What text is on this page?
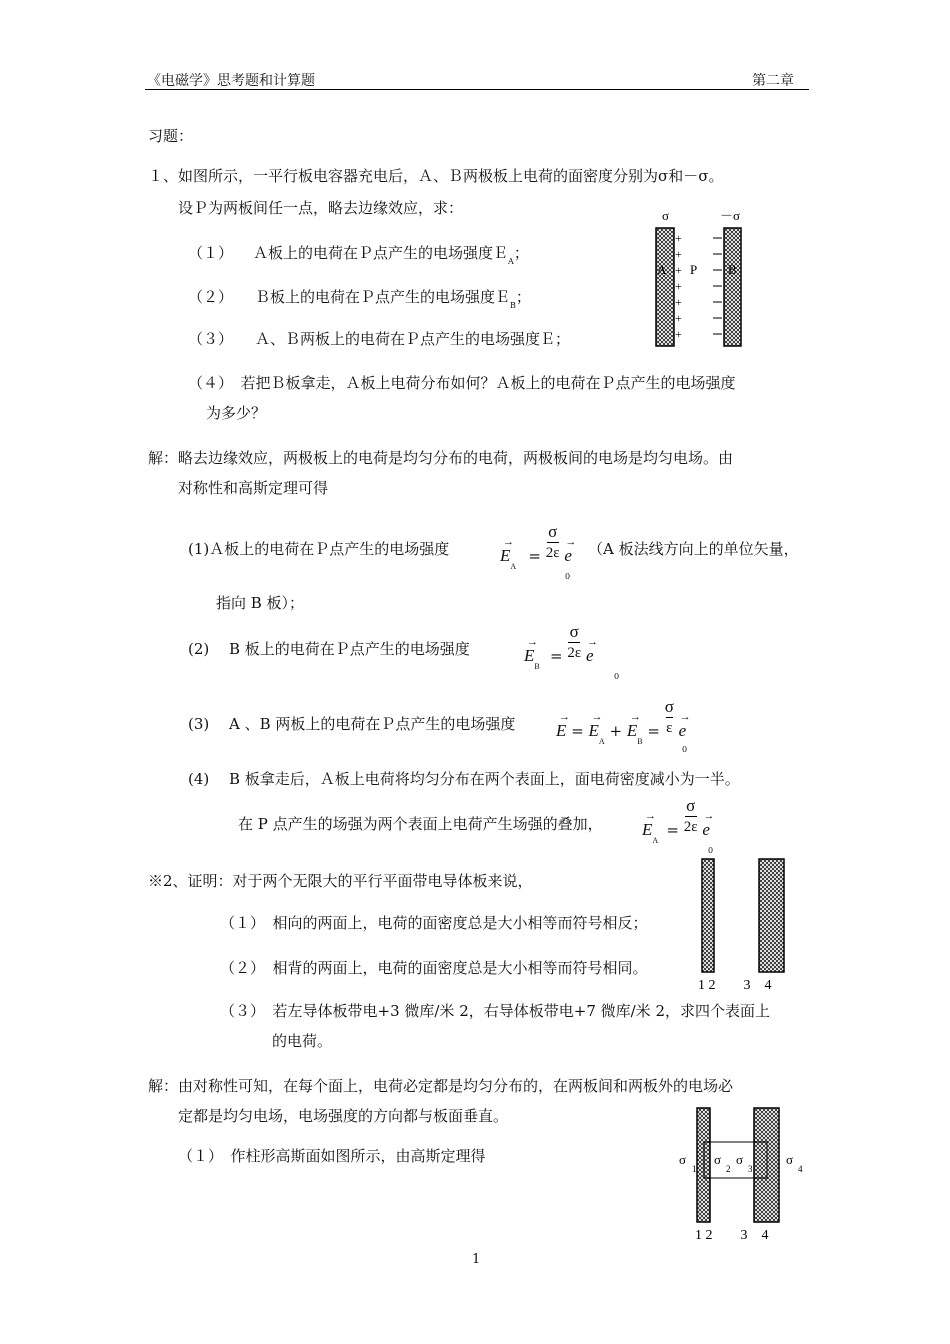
《电磁学》思考题和计算题	第二章
习题：
１、如图所示，一平行板电容器充电后，Ａ、Ｂ两极板上电荷的面密度分别为σ和－σ。
设Ｐ为两板间任一点，略去边缘效应，求：
（１） Ａ板上的电荷在Ｐ点产生的电场强度Ｅ$_A$；
（２） Ｂ板上的电荷在Ｐ点产生的电场强度Ｅ$_B$；
（３） Ａ、Ｂ两板上的电荷在Ｐ点产生的电场强度Ｅ；
（４）　若把Ｂ板拿走，Ａ板上电荷分布如何？Ａ板上的电荷在Ｐ点产生的电场强度
为多少？
σ	－σ
+
+
+
+
+
+
+
A P B
解：略去边缘效应，两极板上的电荷是均匀分布的电荷，两极板间的电场是均匀电场。由
对称性和高斯定理可得
(1)Ａ板上的电荷在Ｐ点产生的电场强度	→
$E_A = \frac{\sigma}{2\varepsilon}$
→
e
0
（A 板法线方向上的单位矢量，
指向 B 板）；
(2)　 B 板上的电荷在Ｐ点产生的电场强度	→
$E_B = \frac{\sigma}{2\varepsilon}$
→
e
0
(3)　 A 、B 两板上的电荷在Ｐ点产生的电场强度	→
E =
→
$E_A$ +
→
$E_B = \frac{\sigma}{\varepsilon}$
→
e
0
(4)　 B 板拿走后，Ａ板上电荷将均匀分布在两个表面上，面电荷密度减小为一半。
在 P 点产生的场强为两个表面上电荷产生场强的叠加，	→
$E_A = \frac{\sigma}{2\varepsilon}$
→
e
0
※2、证明：对于两个无限大的平行平面带电导体板来说，
（１）　相向的两面上，电荷的面密度总是大小相等而符号相反；
（２）　相背的两面上，电荷的面密度总是大小相等而符号相同。
（３）　若左导体板带电+3 微库/米 2，右导体板带电+7 微库/米 2，求四个表面上
的电荷。
1 2　　3　4
解：由对称性可知，在每个面上，电荷必定都是均匀分布的，在两板间和两板外的电场必
定都是均匀电场，电场强度的方向都与板面垂直。
（１）　作柱形高斯面如图所示，由高斯定理得	σ
1
σ
2
σ
3
σ
4
1 2　　3　4
1
